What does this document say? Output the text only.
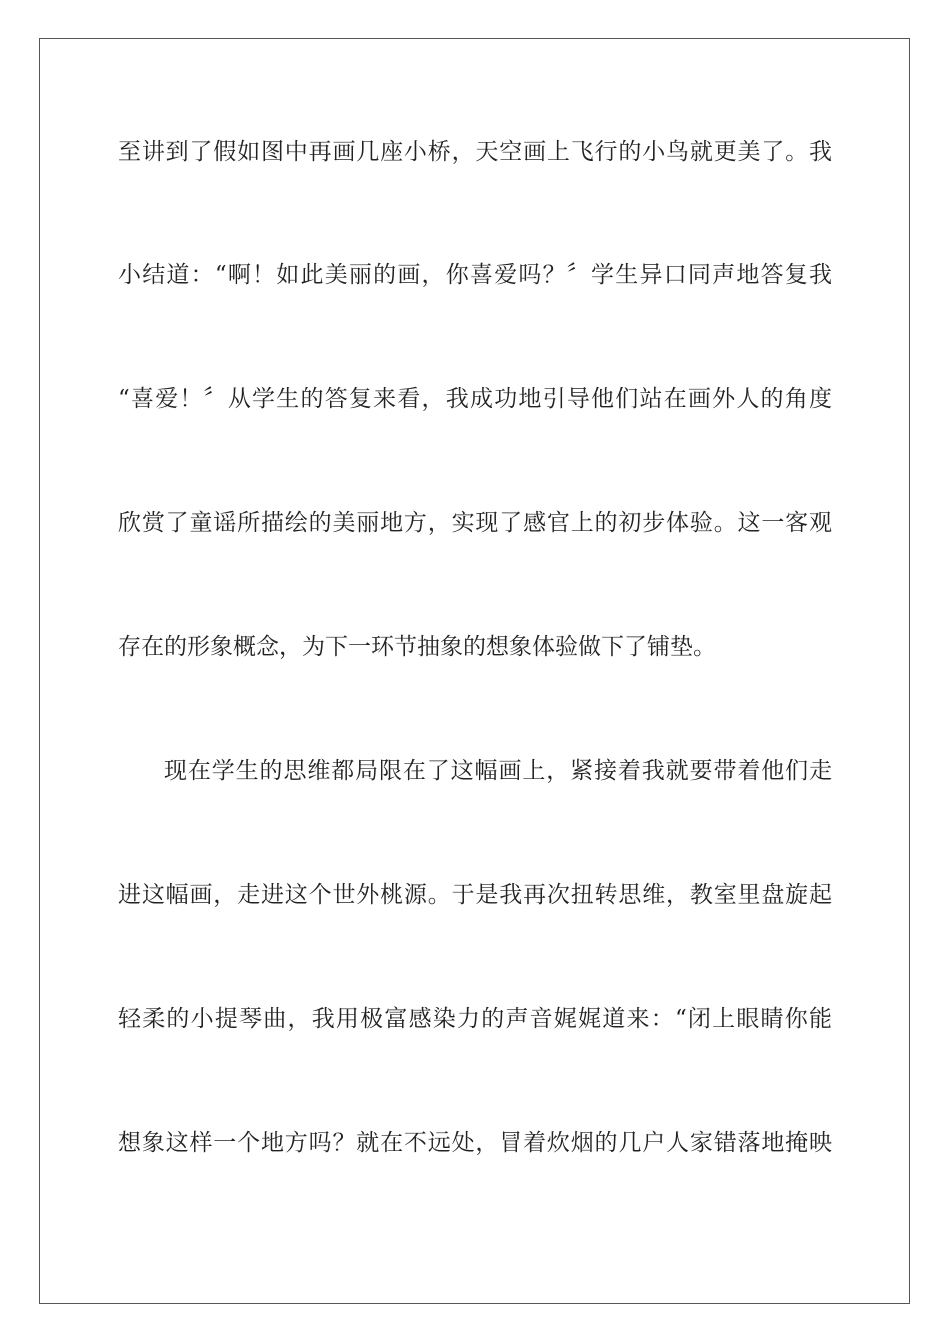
至讲到了假如图中再画几座小桥，天空画上飞行的小鸟就更美了。我
小结道：“啊！如此美丽的画，你喜爱吗？〞学生异口同声地答复我
“喜爱！〞从学生的答复来看，我成功地引导他们站在画外人的角度
欣赏了童谣所描绘的美丽地方，实现了感官上的初步体验。这一客观
存在的形象概念，为下一环节抽象的想象体验做下了铺垫。
现在学生的思维都局限在了这幅画上，紧接着我就要带着他们走
进这幅画，走进这个世外桃源。于是我再次扭转思维，教室里盘旋起
轻柔的小提琴曲，我用极富感染力的声音娓娓道来：“闭上眼睛你能
想象这样一个地方吗？就在不远处，冒着炊烟的几户人家错落地掩映
